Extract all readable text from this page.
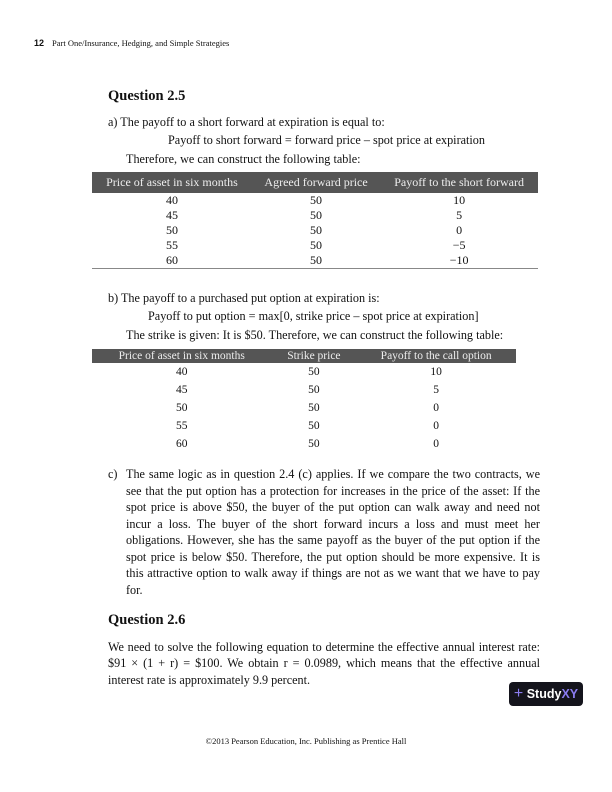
12 Part One/Insurance, Hedging, and Simple Strategies
Question 2.5
a) The payoff to a short forward at expiration is equal to:
Payoff to short forward = forward price – spot price at expiration
Therefore, we can construct the following table:
Price of asset in six months	Agreed forward price	Payoff to the short forward
40	50	10
45	50	5
50	50	0
55	50	−5
60	50	−10
b) The payoff to a purchased put option at expiration is:
Payoff to put option = max[0, strike price – spot price at expiration]
The strike is given: It is $50. Therefore, we can construct the following table:
Price of asset in six months	Strike price	Payoff to the call option
40	50	10
45	50	5
50	50	0
55	50	0
60	50	0
c) The same logic as in question 2.4 (c) applies. If we compare the two contracts, we see that the put option has a protection for increases in the price of the asset: If the spot price is above $50, the buyer of the put option can walk away and need not incur a loss. The buyer of the short forward incurs a loss and must meet her obligations. However, she has the same payoff as the buyer of the put option if the spot price is below $50. Therefore, the put option should be more expensive. It is this attractive option to walk away if things are not as we want that we have to pay for.
Question 2.6
We need to solve the following equation to determine the effective annual interest rate: $91 × (1 + r) = $100. We obtain r = 0.0989, which means that the effective annual interest rate is approximately 9.9 percent.
+ StudyXY
©2013 Pearson Education, Inc. Publishing as Prentice Hall
